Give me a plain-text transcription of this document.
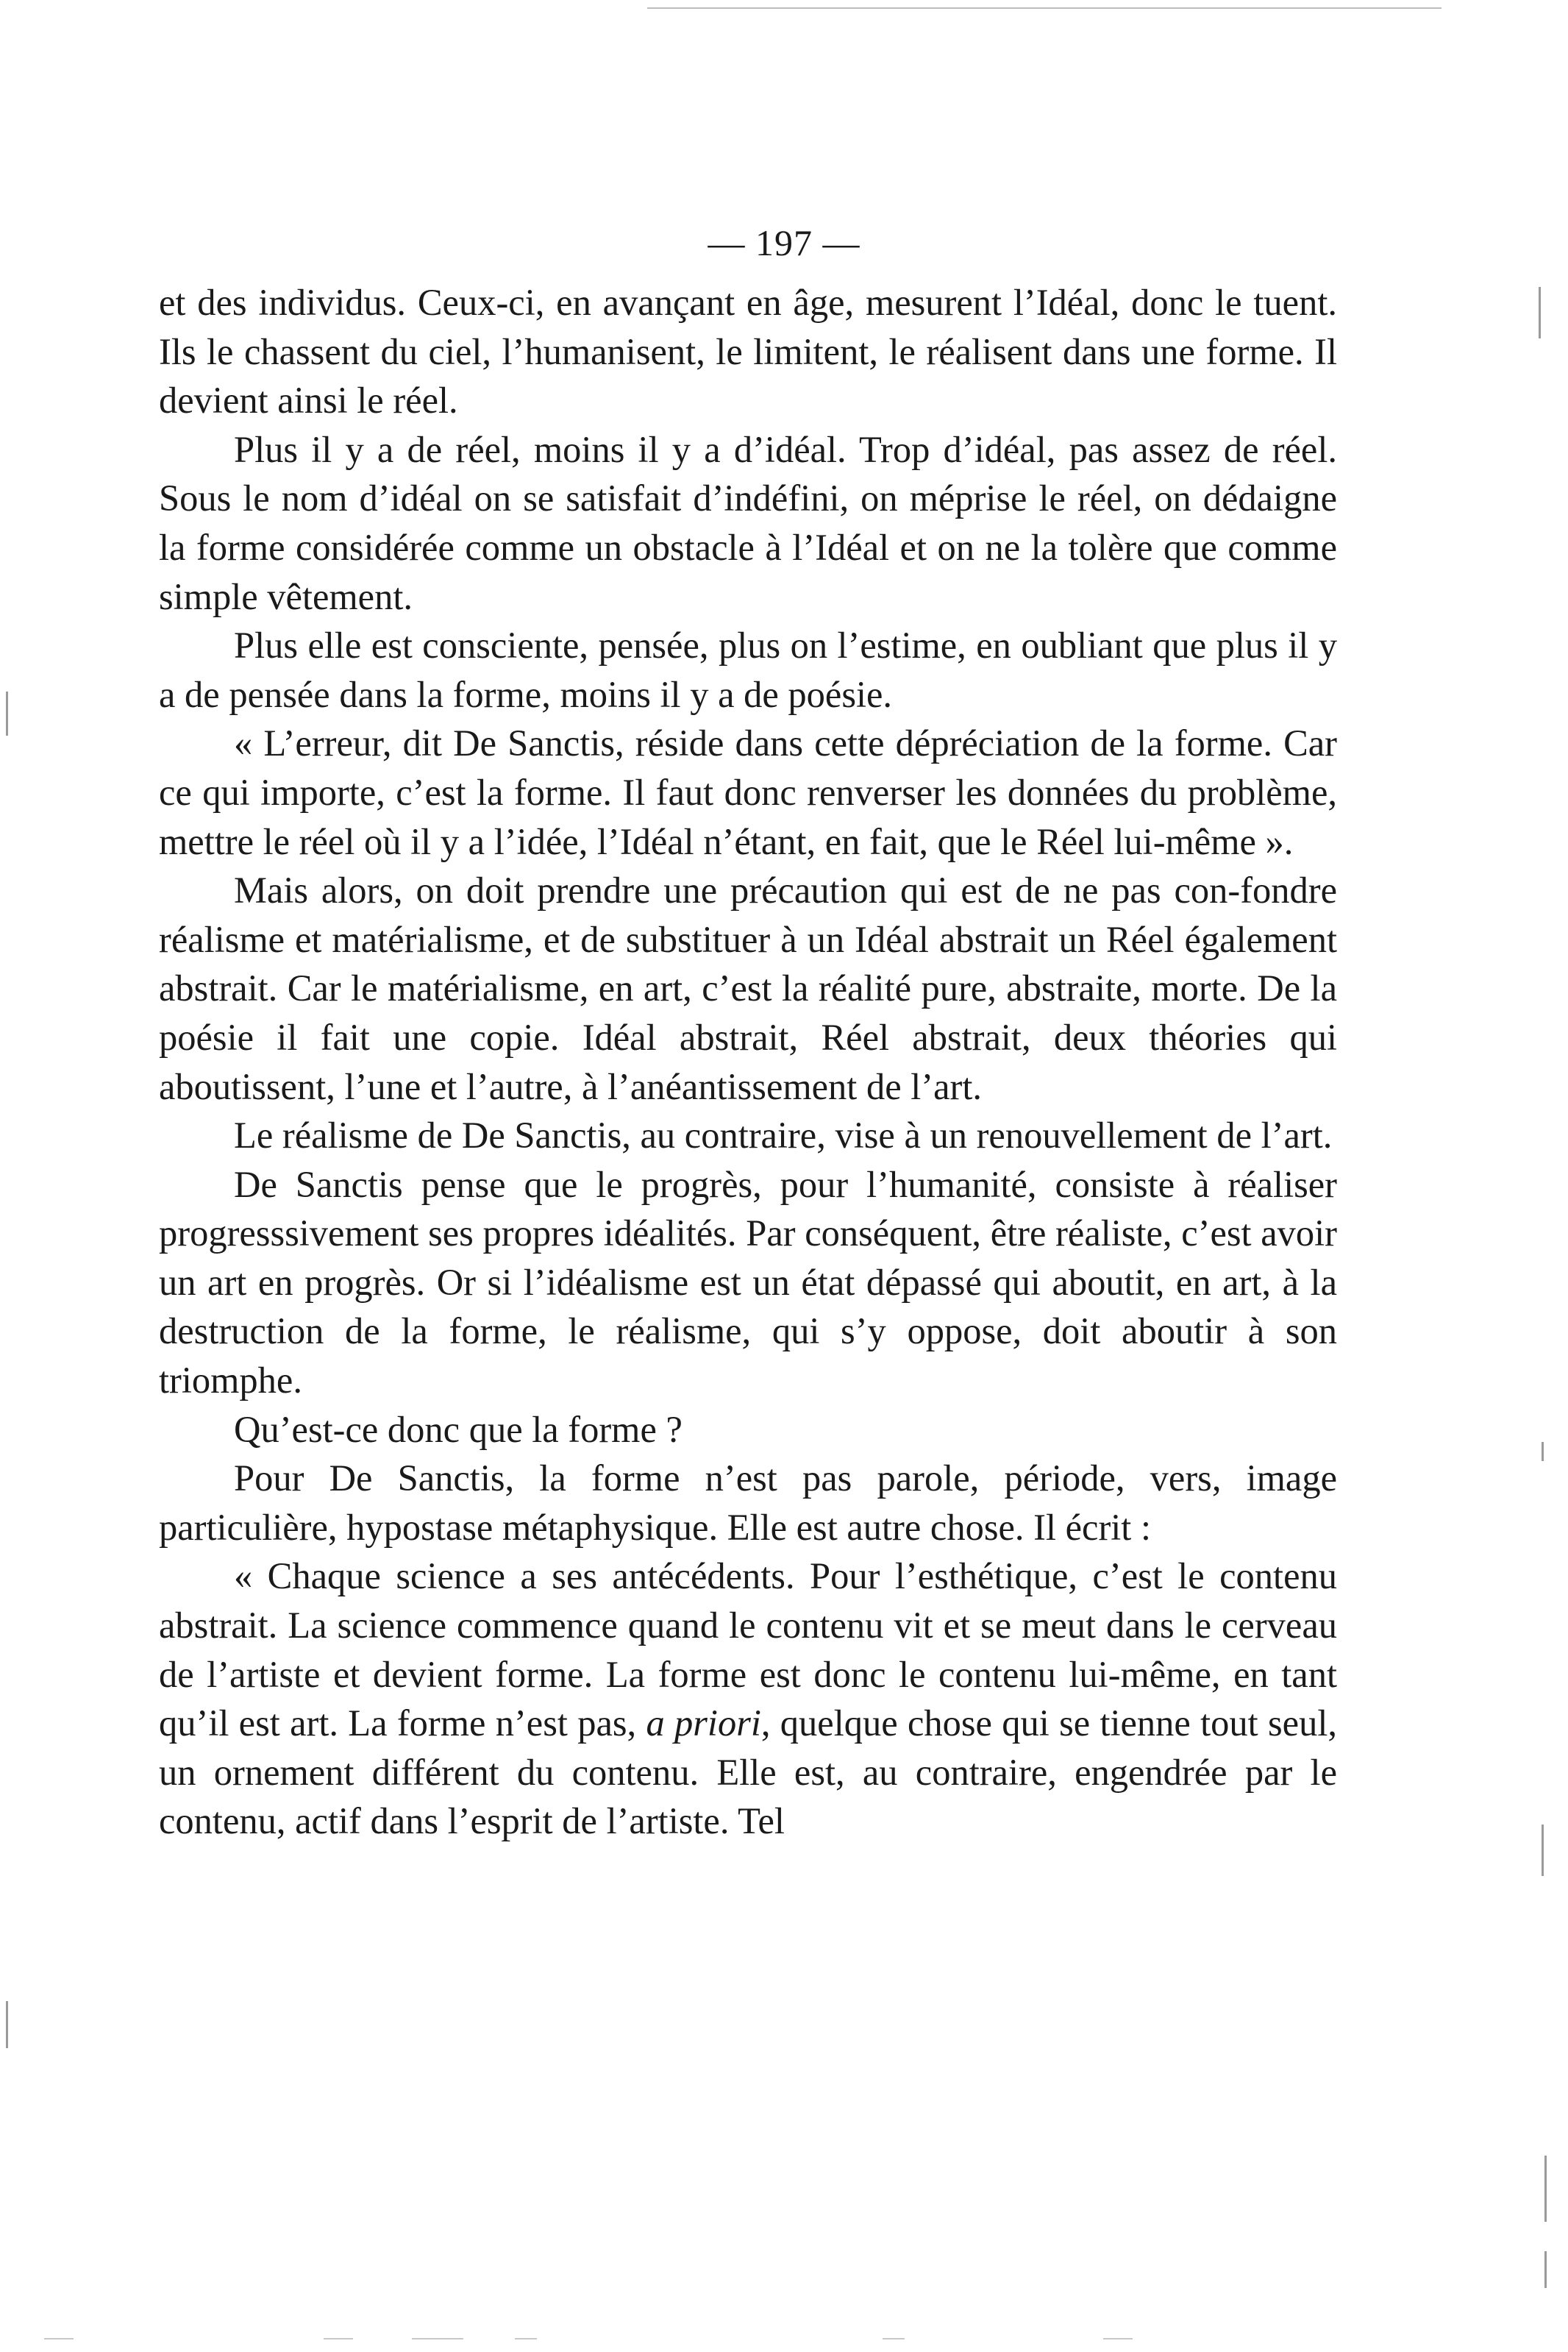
— 197 —

et des individus. Ceux-ci, en avançant en âge, mesurent l’Idéal, donc le tuent. Ils le chassent du ciel, l’humanisent, le limitent, le réalisent dans une forme. Il devient ainsi le réel.

Plus il y a de réel, moins il y a d’idéal. Trop d’idéal, pas assez de réel. Sous le nom d’idéal on se satisfait d’indéfini, on méprise le réel, on dédaigne la forme considérée comme un obstacle à l’Idéal et on ne la tolère que comme simple vêtement.

Plus elle est consciente, pensée, plus on l’estime, en oubliant que plus il y a de pensée dans la forme, moins il y a de poésie.

« L’erreur, dit De Sanctis, réside dans cette dépréciation de la forme. Car ce qui importe, c’est la forme. Il faut donc renverser les données du problème, mettre le réel où il y a l’idée, l’Idéal n’étant, en fait, que le Réel lui-même ».

Mais alors, on doit prendre une précaution qui est de ne pas con-fondre réalisme et matérialisme, et de substituer à un Idéal abstrait un Réel également abstrait. Car le matérialisme, en art, c’est la réalité pure, abstraite, morte. De la poésie il fait une copie. Idéal abstrait, Réel abstrait, deux théories qui aboutissent, l’une et l’autre, à l’anéantissement de l’art.

Le réalisme de De Sanctis, au contraire, vise à un renouvellement de l’art.

De Sanctis pense que le progrès, pour l’humanité, consiste à réaliser progresssivement ses propres idéalités. Par conséquent, être réaliste, c’est avoir un art en progrès. Or si l’idéalisme est un état dépassé qui aboutit, en art, à la destruction de la forme, le réalisme, qui s’y oppose, doit aboutir à son triomphe.

Qu’est-ce donc que la forme ?

Pour De Sanctis, la forme n’est pas parole, période, vers, image particulière, hypostase métaphysique. Elle est autre chose. Il écrit :

« Chaque science a ses antécédents. Pour l’esthétique, c’est le contenu abstrait. La science commence quand le contenu vit et se meut dans le cerveau de l’artiste et devient forme. La forme est donc le contenu lui-même, en tant qu’il est art. La forme n’est pas, a priori, quelque chose qui se tienne tout seul, un ornement différent du contenu. Elle est, au contraire, engendrée par le contenu, actif dans l’esprit de l’artiste. Tel
